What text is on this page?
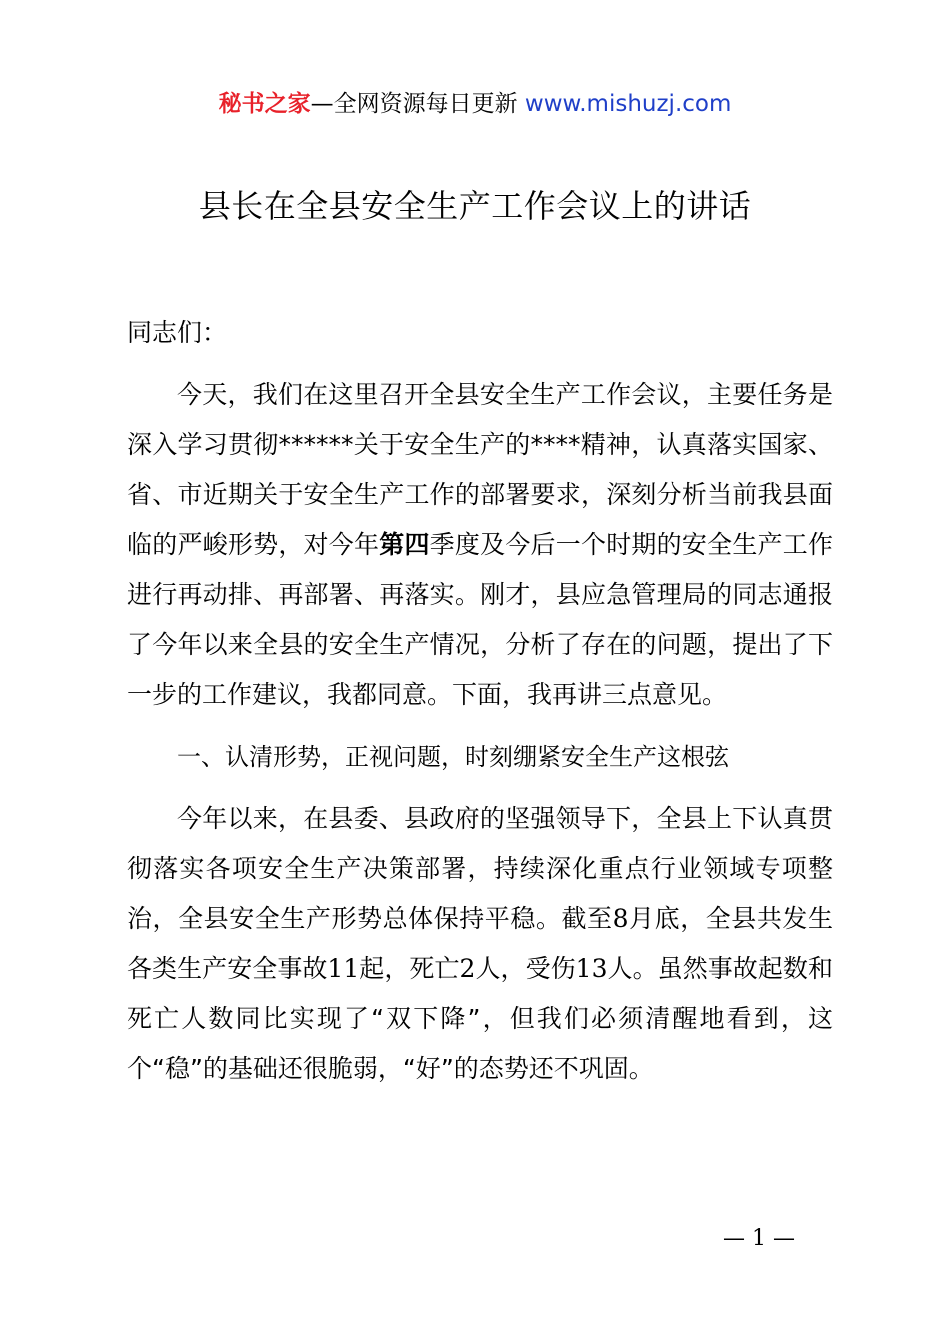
秘书之家—全网资源每日更新 www.mishuzj.com
县长在全县安全生产工作会议上的讲话

同志们：

今天，我们在这里召开全县安全生产工作会议，主要任务是深入学习贯彻******关于安全生产的****精神，认真落实国家、省、市近期关于安全生产工作的部署要求，深刻分析当前我县面临的严峻形势，对今年第四季度及今后一个时期的安全生产工作进行再动排、再部署、再落实。刚才，县应急管理局的同志通报了今年以来全县的安全生产情况，分析了存在的问题，提出了下一步的工作建议，我都同意。下面，我再讲三点意见。

一、认清形势，正视问题，时刻绷紧安全生产这根弦

今年以来，在县委、县政府的坚强领导下，全县上下认真贯彻落实各项安全生产决策部署，持续深化重点行业领域专项整治，全县安全生产形势总体保持平稳。截至8月底，全县共发生各类生产安全事故11起，死亡2人，受伤13人。虽然事故起数和死亡人数同比实现了“双下降”，但我们必须清醒地看到，这个“稳”的基础还很脆弱，“好”的态势还不巩固。

— 1 —
